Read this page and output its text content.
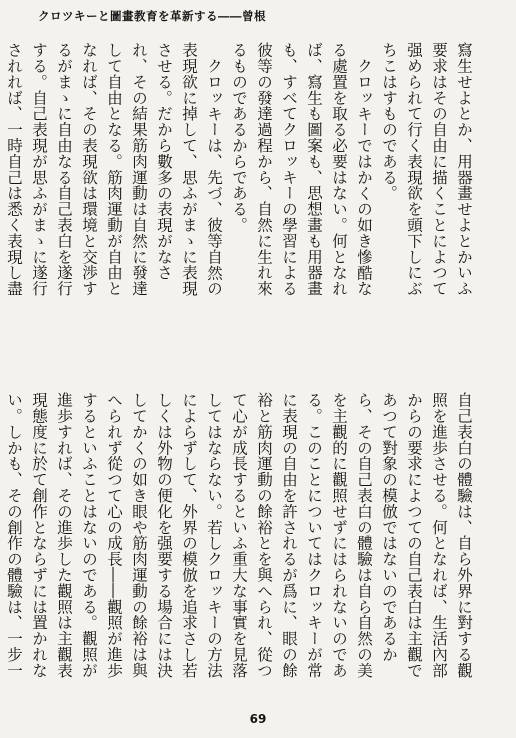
クロツキーと圖畫教育を革新する――曾根

寫生せよとか、用器畫せよとかいふ要求はその自由に描くことによつて强められて行く表現欲を頭下しにぶちこはすものである。

クロッキーではかくの如き慘酷なる處置を取る必要はない。何となれば、寫生も圖案も、思想畫も用器畫も、すべてクロッキーの學習による彼等の發達過程から、自然に生れ來るものであるからである。

クロッキーは、先づ、彼等自然の表現欲に掉して、思ふがまゝに表現させる。だから數多の表現がなされ、その結果筋肉運動は自然に發達して自由となる。筋肉運動が自由となれば、その表現欲は環境と交渉するがまゝに自由なる自己表白を遂行する。自己表現が思ふがまゝに遂行されれば、一時自己は悉く表現し盡

自己表白の體驗は、自ら外界に對する觀照を進歩させる。何となれば、生活內部からの要求によつての自己表白は主觀であつて對象の模倣ではないのであるから、その自己表白の體驗は自ら自然の美を主觀的に觀照せずにはられないのである。このことについてはクロッキーが常に表現の自由を許されるが爲に、眼の餘裕と筋肉運動の餘裕とを與へられ、從つて心が成長するといふ重大な事實を見落してはならない。若しクロッキーの方法によらずして、外界の模倣を追求さし若しくは外物の便化を强要する場合には決してかくの如き眼や筋肉運動の餘裕は與へられず從つて心の成長――觀照が進歩するといふことはないのである。觀照が進歩すれば、その進歩した觀照は主觀表現態度に於て創作とならずには置かれない。しかも、その創作の體驗は、一步一

69
